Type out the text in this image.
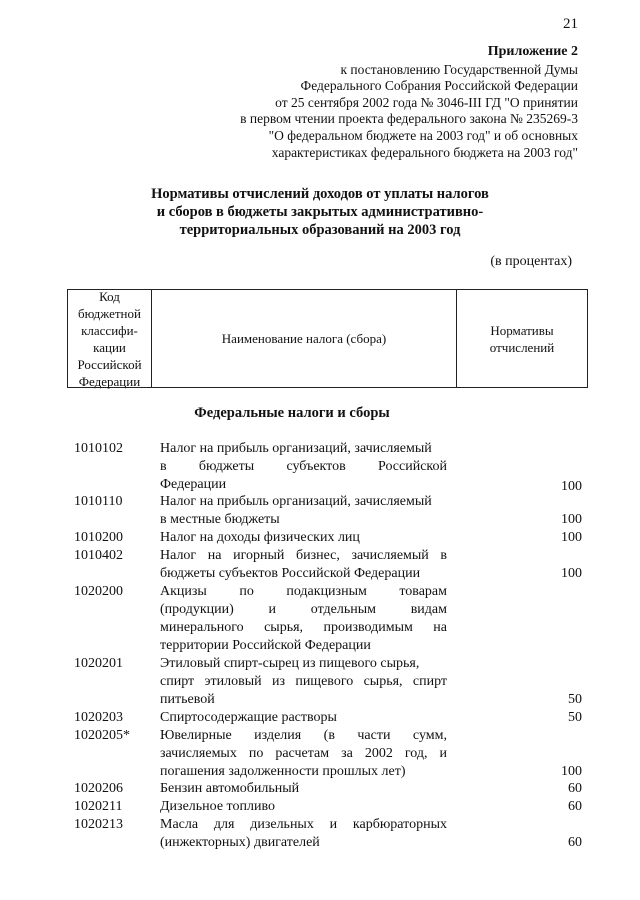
21
Приложение 2
к постановлению Государственной Думы
Федерального Собрания Российской Федерации
от 25 сентября 2002 года № 3046-III ГД "О принятии
в первом чтении проекта федерального закона № 235269-3
"О федеральном бюджете на 2003 год" и об основных
характеристиках федерального бюджета на 2003 год"
Нормативы отчислений доходов от уплаты налогов
и сборов в бюджеты закрытых административно-
территориальных образований на 2003 год
(в процентах)
Код
бюджетной
классифи-
кации
Российской
Федерации
Наименование налога (сбора)
Нормативы
отчислений
Федеральные налоги и сборы
1010102	Налог на прибыль организаций, зачисляемый
в бюджеты субъектов Российской
Федерации	100
1010110	Налог на прибыль организаций, зачисляемый
в местные бюджеты	100
1010200	Налог на доходы физических лиц	100
1010402	Налог на игорный бизнес, зачисляемый в
бюджеты субъектов Российской Федерации	100
1020200	Акцизы по подакцизным товарам
(продукции) и отдельным видам
минерального сырья, производимым на
территории Российской Федерации
1020201	Этиловый спирт-сырец из пищевого сырья,
спирт этиловый из пищевого сырья, спирт
питьевой	50
1020203	Спиртосодержащие растворы	50
1020205* Ювелирные изделия (в части сумм,
зачисляемых по расчетам за 2002 год, и
погашения задолженности прошлых лет)	100
1020206	Бензин автомобильный	60
1020211	Дизельное топливо	60
1020213	Масла для дизельных и карбюраторных
(инжекторных) двигателей	60
